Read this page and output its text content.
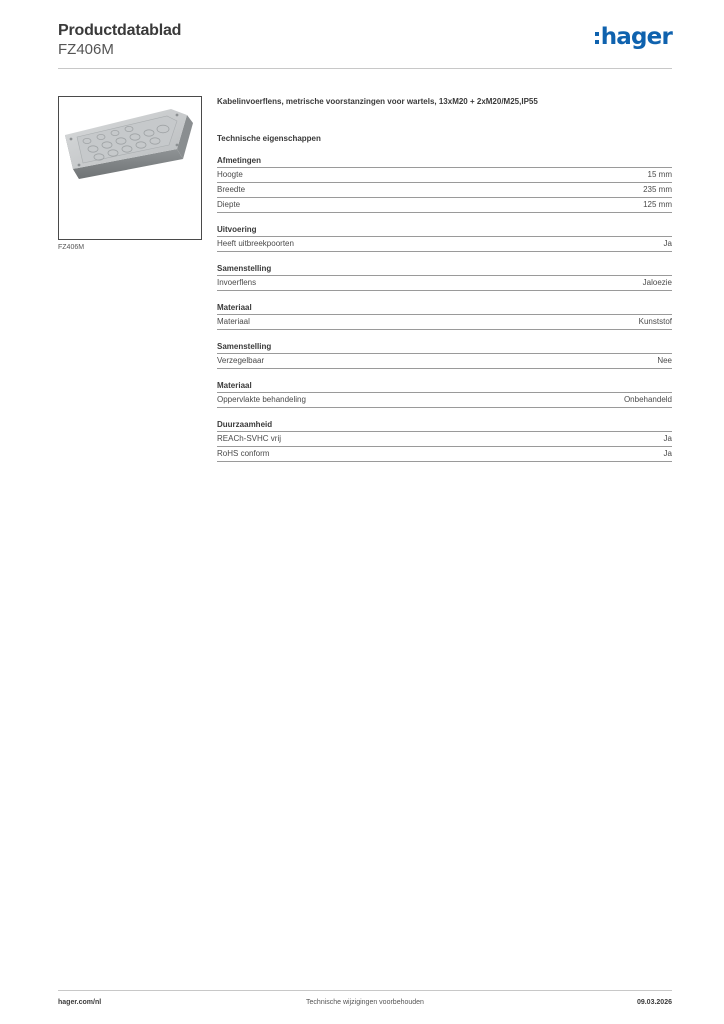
Productdatablad
FZ406M	hager
FZ406M

Kabelinvoerflens, metrische voorstanzingen voor wartels, 13xM20 + 2xM20/M25,IP55

Technische eigenschappen

Afmetingen
Hoogte	15 mm
Breedte	235 mm
Diepte	125 mm
Uitvoering
Heeft uitbreekpoorten	Ja
Samenstelling
Invoerflens	Jaloezie
Materiaal
Materiaal	Kunststof
Samenstelling
Verzegelbaar	Nee
Materiaal
Oppervlakte behandeling	Onbehandeld
Duurzaamheid
REACh-SVHC vrij	Ja
RoHS conform	Ja
hager.com/nl	Technische wijzigingen voorbehouden	09.03.2026
